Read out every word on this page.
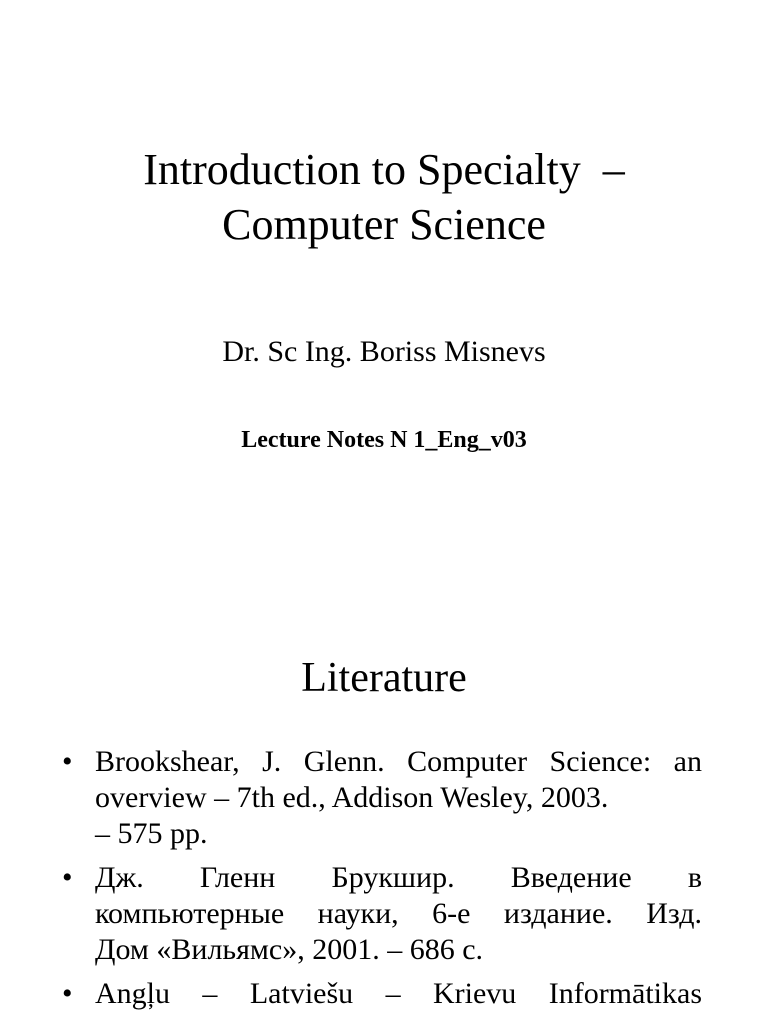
Introduction to Specialty  –
Computer Science
Dr. Sc Ing. Boriss Misnevs
Lecture Notes N 1_Eng_v03
Literature
• Brookshear, J. Glenn. Computer Science: an
overview – 7th ed., Addison Wesley, 2003.
– 575 pp.
• Дж. Гленн Брукшир. Введение в
компьютерные науки, 6-е издание. Изд.
Дом «Вильямс», 2001. – 686 с.
• Angļu – Latviešu – Krievu Informātikas
